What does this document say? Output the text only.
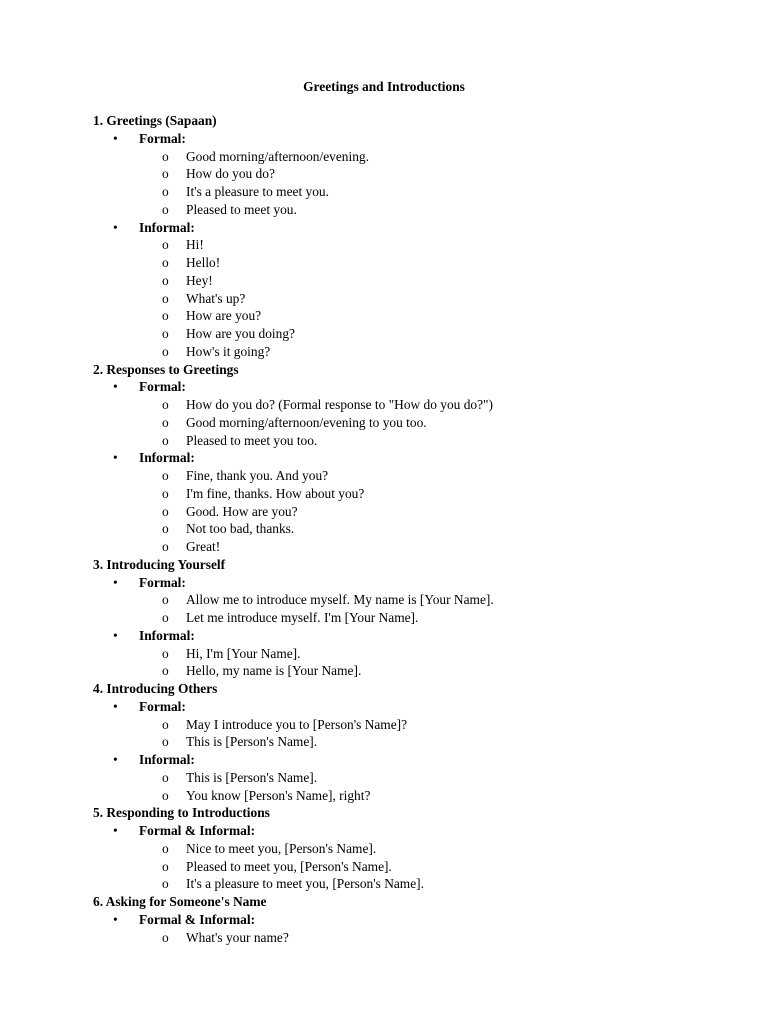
Greetings and Introductions
1. Greetings (Sapaan)
• Formal:
o Good morning/afternoon/evening.
o How do you do?
o It's a pleasure to meet you.
o Pleased to meet you.
• Informal:
o Hi!
o Hello!
o Hey!
o What's up?
o How are you?
o How are you doing?
o How's it going?
2. Responses to Greetings
• Formal:
o How do you do? (Formal response to "How do you do?")
o Good morning/afternoon/evening to you too.
o Pleased to meet you too.
• Informal:
o Fine, thank you. And you?
o I'm fine, thanks. How about you?
o Good. How are you?
o Not too bad, thanks.
o Great!
3. Introducing Yourself
• Formal:
o Allow me to introduce myself. My name is [Your Name].
o Let me introduce myself. I'm [Your Name].
• Informal:
o Hi, I'm [Your Name].
o Hello, my name is [Your Name].
4. Introducing Others
• Formal:
o May I introduce you to [Person's Name]?
o This is [Person's Name].
• Informal:
o This is [Person's Name].
o You know [Person's Name], right?
5. Responding to Introductions
• Formal & Informal:
o Nice to meet you, [Person's Name].
o Pleased to meet you, [Person's Name].
o It's a pleasure to meet you, [Person's Name].
6. Asking for Someone's Name
• Formal & Informal:
o What's your name?
